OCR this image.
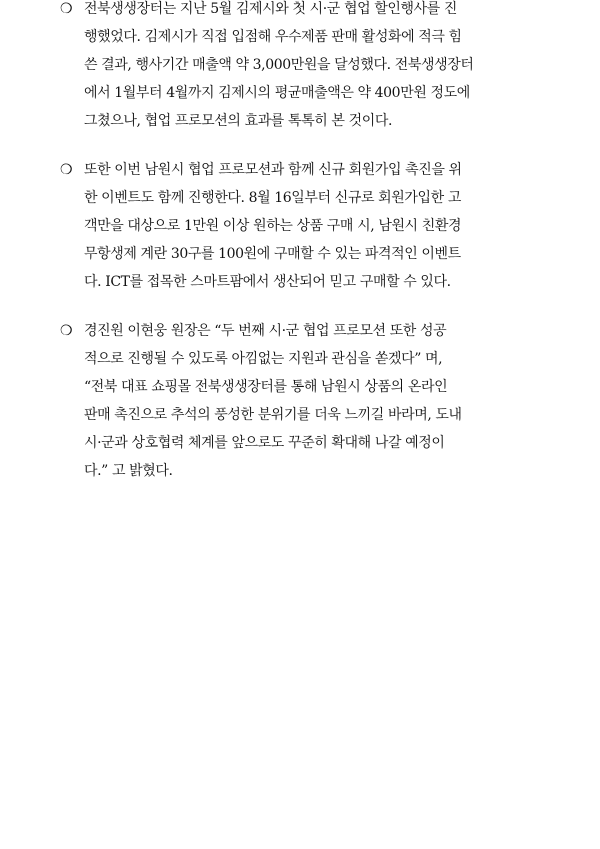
❍ 전북생생장터는 지난 5월 김제시와 첫 시·군 협업 할인행사를 진
행했었다. 김제시가 직접 입점해 우수제품 판매 활성화에 적극 힘
쓴 결과, 행사기간 매출액 약 3,000만원을 달성했다. 전북생생장터
에서 1월부터 4월까지 김제시의 평균매출액은 약 400만원 정도에
그쳤으나, 협업 프로모션의 효과를 톡톡히 본 것이다.
❍ 또한 이번 남원시 협업 프로모션과 함께 신규 회원가입 촉진을 위
한 이벤트도 함께 진행한다. 8월 16일부터 신규로 회원가입한 고
객만을 대상으로 1만원 이상 원하는 상품 구매 시, 남원시 친환경
무항생제 계란 30구를 100원에 구매할 수 있는 파격적인 이벤트
다. ICT를 접목한 스마트팜에서 생산되어 믿고 구매할 수 있다.
❍ 경진원 이현웅 원장은 “두 번째 시·군 협업 프로모션 또한 성공
적으로 진행될 수 있도록 아낌없는 지원과 관심을 쏟겠다” 며,
“전북 대표 쇼핑몰 전북생생장터를 통해 남원시 상품의 온라인
판매 촉진으로 추석의 풍성한 분위기를 더욱 느끼길 바라며, 도내
시·군과 상호협력 체계를 앞으로도 꾸준히 확대해 나갈 예정이
다.” 고 밝혔다.
